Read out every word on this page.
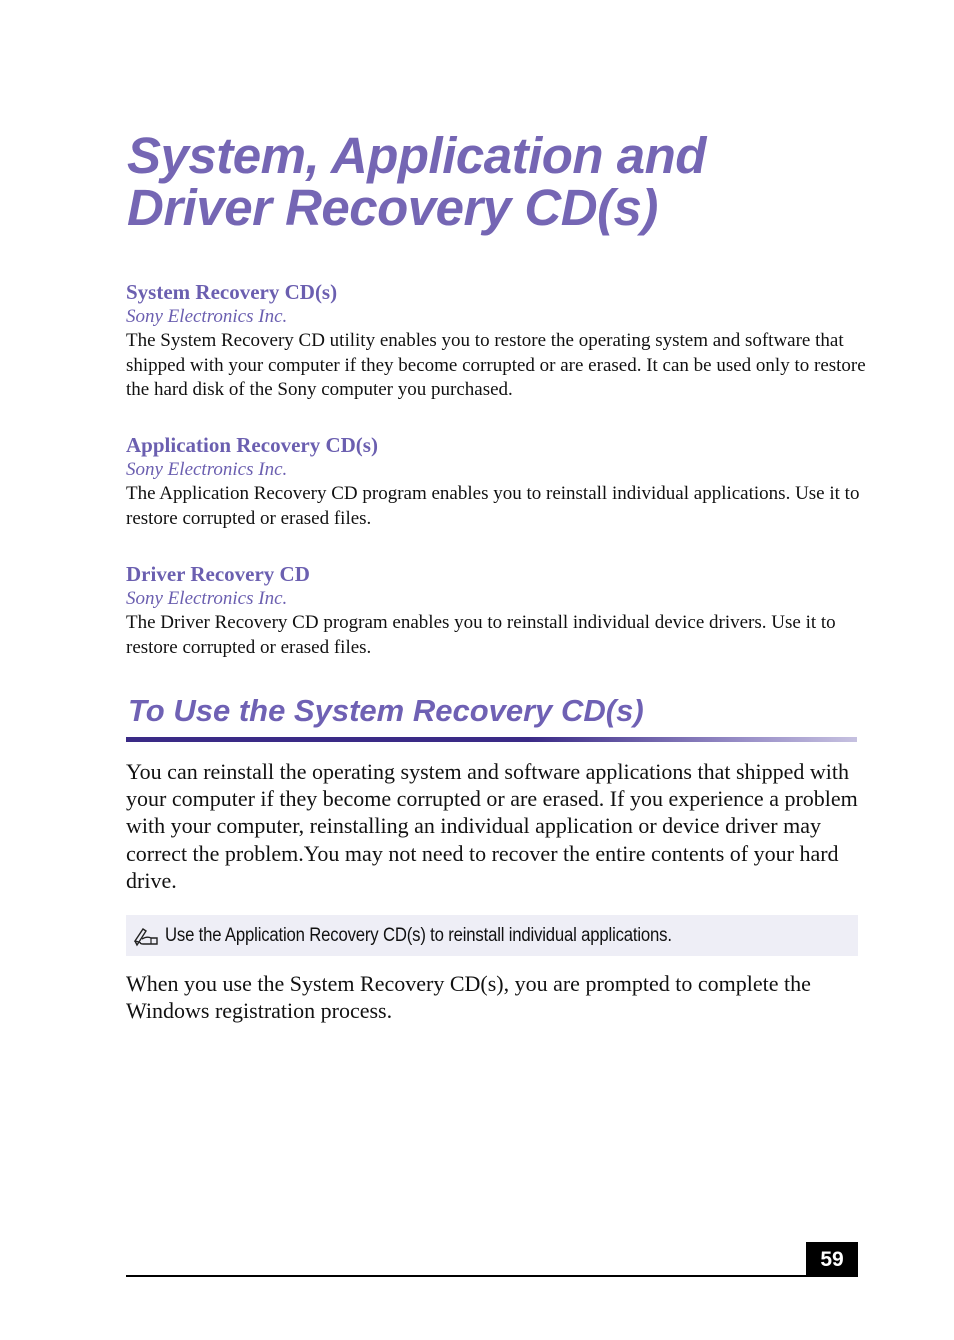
System, Application and
Driver Recovery CD(s)

System Recovery CD(s)

Sony Electronics Inc.

The System Recovery CD utility enables you to restore the operating system and software that shipped with your computer if they become corrupted or are erased. It can be used only to restore the hard disk of the Sony computer you purchased.

Application Recovery CD(s)

Sony Electronics Inc.

The Application Recovery CD program enables you to reinstall individual applications. Use it to restore corrupted or erased files.

Driver Recovery CD

Sony Electronics Inc.

The Driver Recovery CD program enables you to reinstall individual device drivers. Use it to restore corrupted or erased files.

To Use the System Recovery CD(s)

You can reinstall the operating system and software applications that shipped with your computer if they become corrupted or are erased. If you experience a problem with your computer, reinstalling an individual application or device driver may correct the problem.You may not need to recover the entire contents of your hard drive.

Use the Application Recovery CD(s) to reinstall individual applications.

When you use the System Recovery CD(s), you are prompted to complete the Windows registration process.

59
